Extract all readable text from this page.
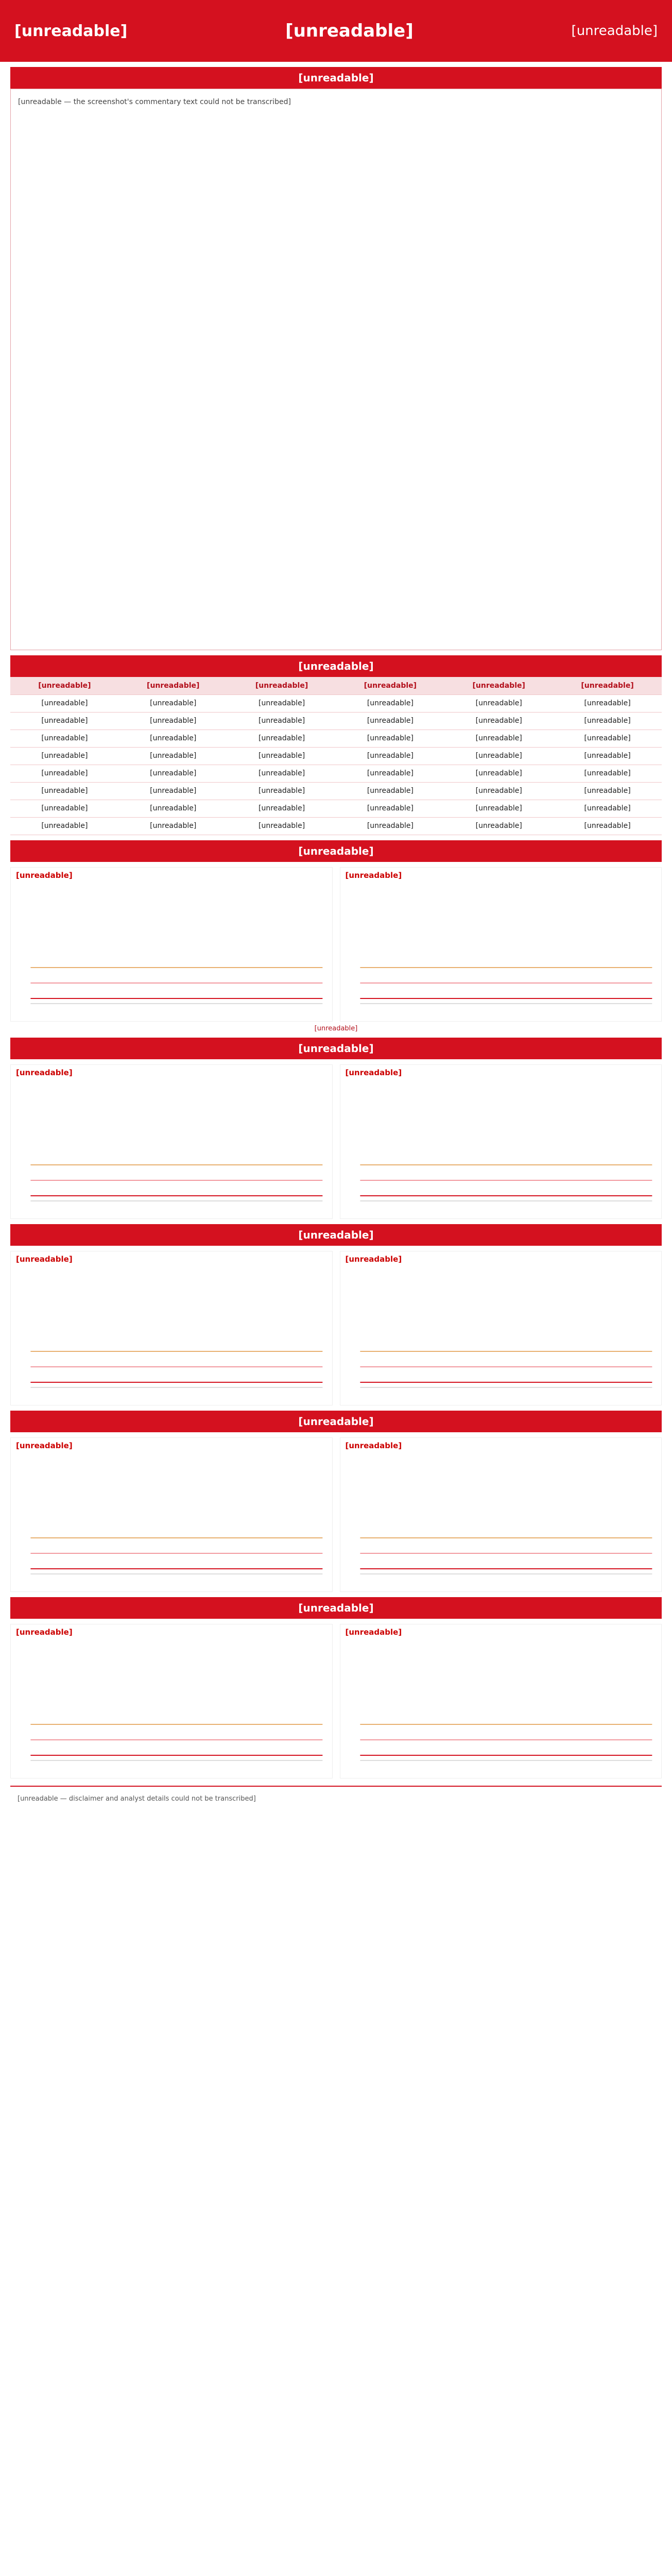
[unreadable]	[unreadable]	[unreadable]
[unreadable]
[unreadable — the screenshot's commentary text could not be transcribed]
[unreadable]
[unreadable]	[unreadable]	[unreadable]	[unreadable]	[unreadable]	[unreadable]
[unreadable]	[unreadable]	[unreadable]	[unreadable]	[unreadable]	[unreadable]
[unreadable]	[unreadable]	[unreadable]	[unreadable]	[unreadable]	[unreadable]
[unreadable]	[unreadable]	[unreadable]	[unreadable]	[unreadable]	[unreadable]
[unreadable]	[unreadable]	[unreadable]	[unreadable]	[unreadable]	[unreadable]
[unreadable]	[unreadable]	[unreadable]	[unreadable]	[unreadable]	[unreadable]
[unreadable]	[unreadable]	[unreadable]	[unreadable]	[unreadable]	[unreadable]
[unreadable]	[unreadable]	[unreadable]	[unreadable]	[unreadable]	[unreadable]
[unreadable]	[unreadable]	[unreadable]	[unreadable]	[unreadable]	[unreadable]
[unreadable]
[unreadable]	[unreadable]
[unreadable]
[unreadable]
[unreadable]	[unreadable]
[unreadable]
[unreadable]	[unreadable]
[unreadable]
[unreadable]	[unreadable]
[unreadable]
[unreadable]	[unreadable]
[unreadable — disclaimer and analyst details could not be transcribed]
